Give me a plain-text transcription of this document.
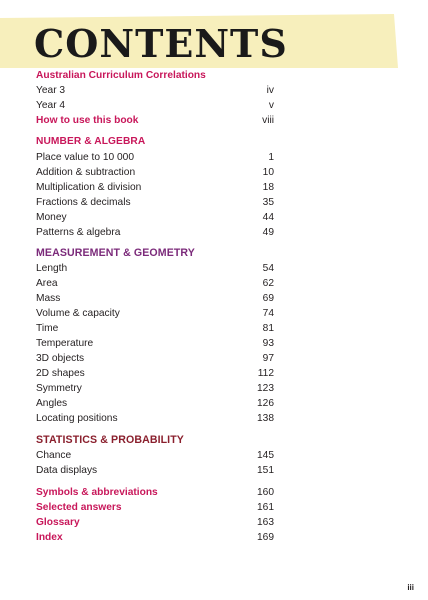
CONTENTS
Australian Curriculum Correlations
Year 3	iv
Year 4	v
How to use this book	viii
NUMBER & ALGEBRA
Place value to 10 000	1
Addition & subtraction	10
Multiplication & division	18
Fractions & decimals	35
Money	44
Patterns & algebra	49
MEASUREMENT & GEOMETRY
Length	54
Area	62
Mass	69
Volume & capacity	74
Time	81
Temperature	93
3D objects	97
2D shapes	112
Symmetry	123
Angles	126
Locating positions	138
STATISTICS & PROBABILITY
Chance	145
Data displays	151
Symbols & abbreviations	160
Selected answers	161
Glossary	163
Index	169
iii
